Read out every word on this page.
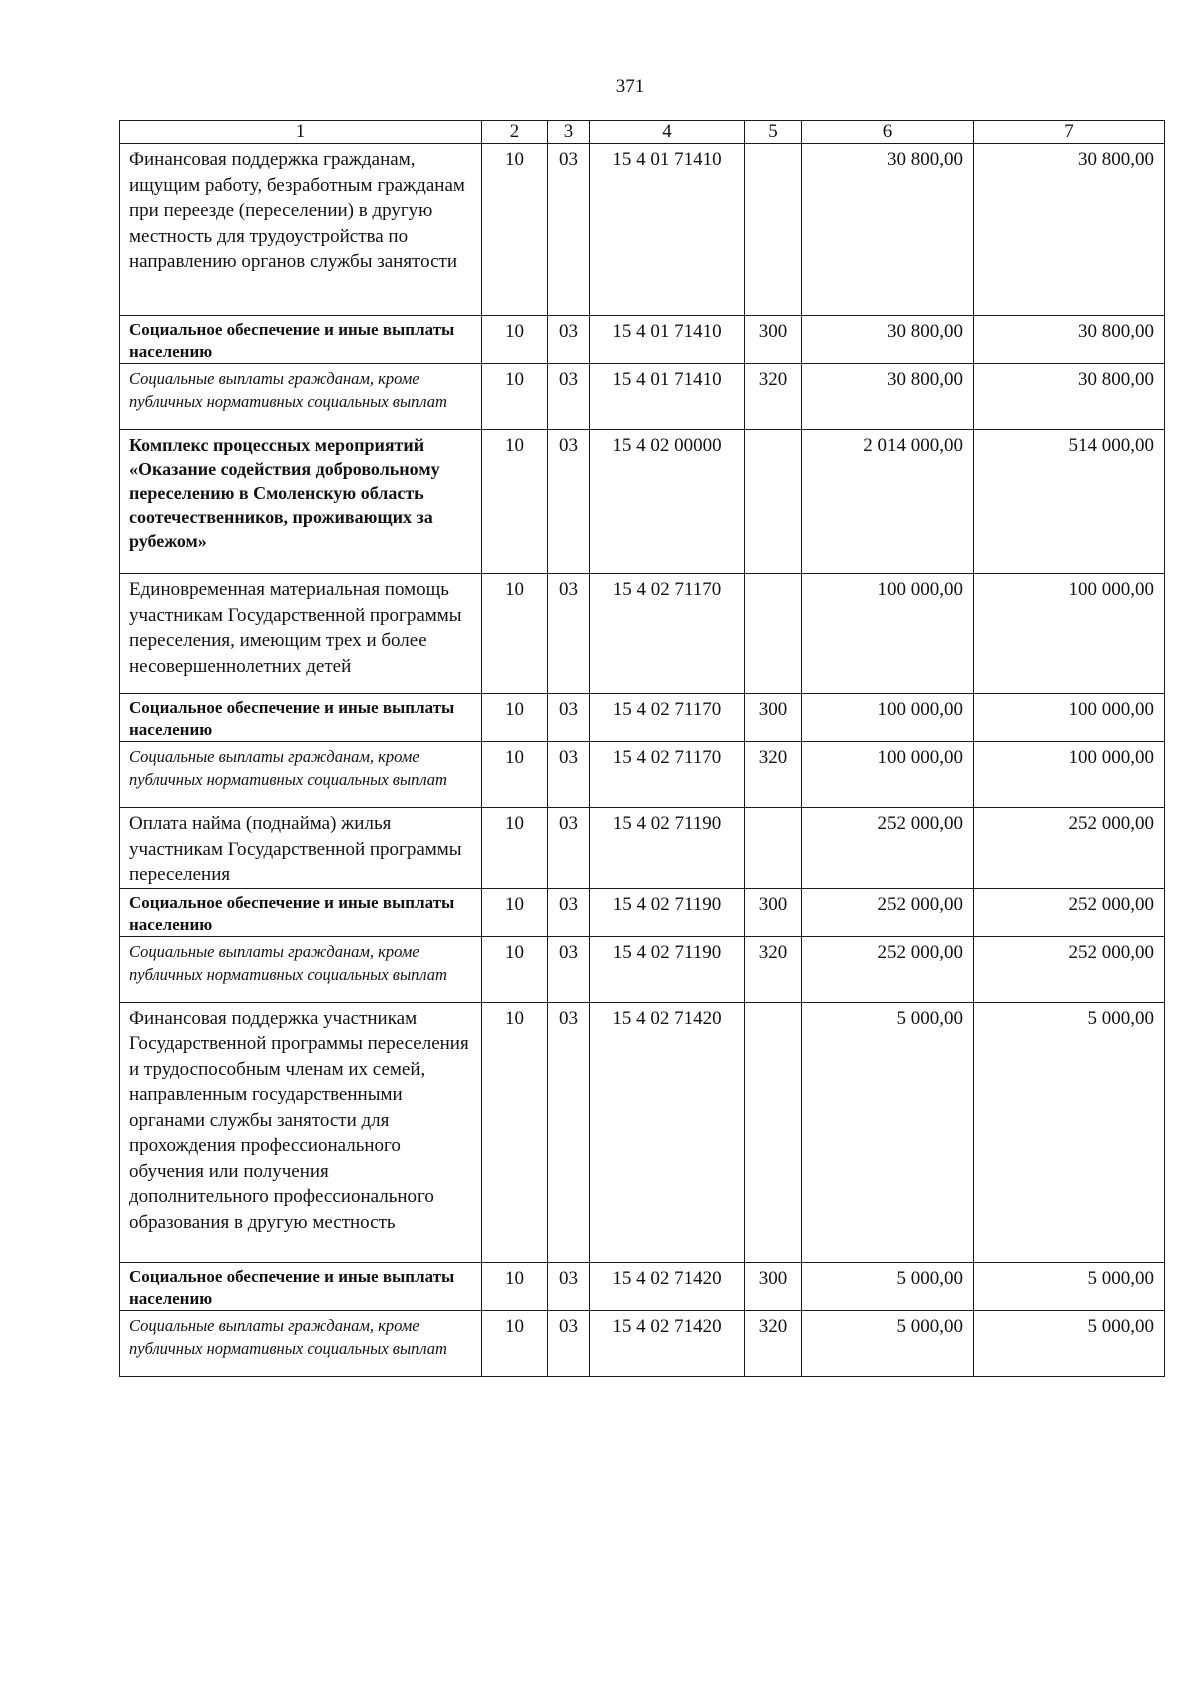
371
1	2	3	4	5	6	7
Финансовая поддержка гражданам, ищущим работу, безработным гражданам при переезде (переселении) в другую местность для трудоустройства по направлению органов службы занятости	10	03	15 4 01 71410		30 800,00	30 800,00
Социальное обеспечение и иные выплаты населению	10	03	15 4 01 71410	300	30 800,00	30 800,00
Социальные выплаты гражданам, кроме публичных нормативных социальных выплат	10	03	15 4 01 71410	320	30 800,00	30 800,00
Комплекс процессных мероприятий «Оказание содействия добровольному переселению в Смоленскую область соотечественников, проживающих за рубежом»	10	03	15 4 02 00000		2 014 000,00	514 000,00
Единовременная материальная помощь участникам Государственной программы переселения, имеющим трех и более несовершеннолетних детей	10	03	15 4 02 71170		100 000,00	100 000,00
Социальное обеспечение и иные выплаты населению	10	03	15 4 02 71170	300	100 000,00	100 000,00
Социальные выплаты гражданам, кроме публичных нормативных социальных выплат	10	03	15 4 02 71170	320	100 000,00	100 000,00
Оплата найма (поднайма) жилья участникам Государственной программы переселения	10	03	15 4 02 71190		252 000,00	252 000,00
Социальное обеспечение и иные выплаты населению	10	03	15 4 02 71190	300	252 000,00	252 000,00
Социальные выплаты гражданам, кроме публичных нормативных социальных выплат	10	03	15 4 02 71190	320	252 000,00	252 000,00
Финансовая поддержка участникам Государственной программы переселения и трудоспособным членам их семей, направленным государственными органами службы занятости для прохождения профессионального обучения или получения дополнительного профессионального образования в другую местность	10	03	15 4 02 71420		5 000,00	5 000,00
Социальное обеспечение и иные выплаты населению	10	03	15 4 02 71420	300	5 000,00	5 000,00
Социальные выплаты гражданам, кроме публичных нормативных социальных выплат	10	03	15 4 02 71420	320	5 000,00	5 000,00
